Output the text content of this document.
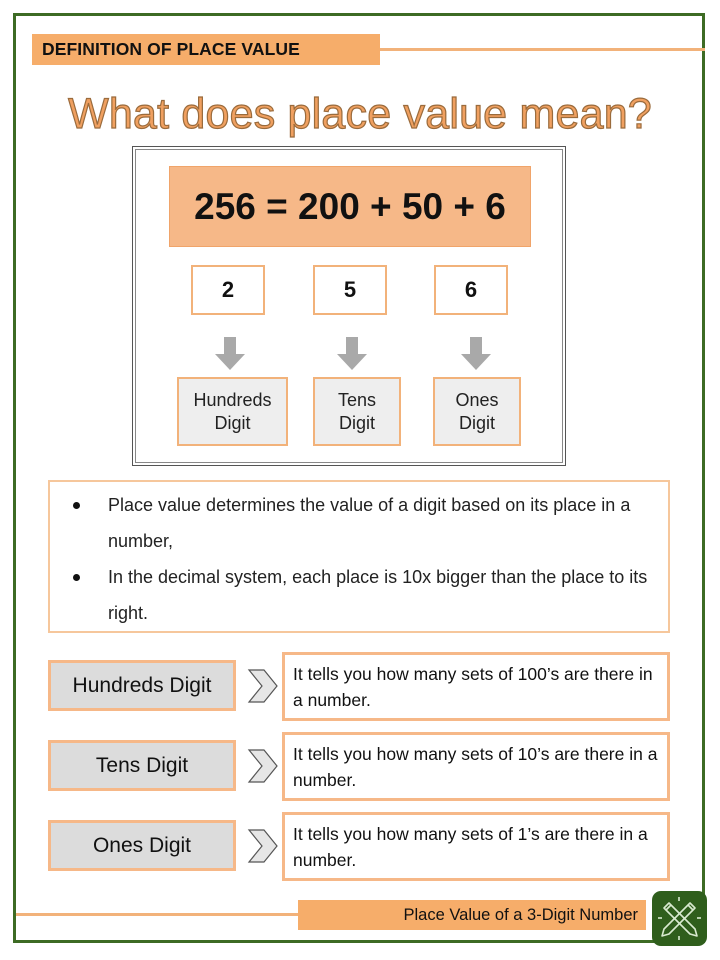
DEFINITION OF PLACE VALUE
What does place value mean?
256 = 200 + 50 + 6
2	5	6
Hundreds
Digit
Tens
Digit
Ones
Digit
Place value determines the value of a digit based on its place in a number,
In the decimal system, each place is 10x bigger than the place to its right.
Hundreds Digit	It tells you how many sets of 100’s are there in a number.
Tens Digit	It tells you how many sets of 10’s are there in a number.
Ones Digit	It tells you how many sets of 1’s are there in a number.
Place Value of a 3-Digit Number
